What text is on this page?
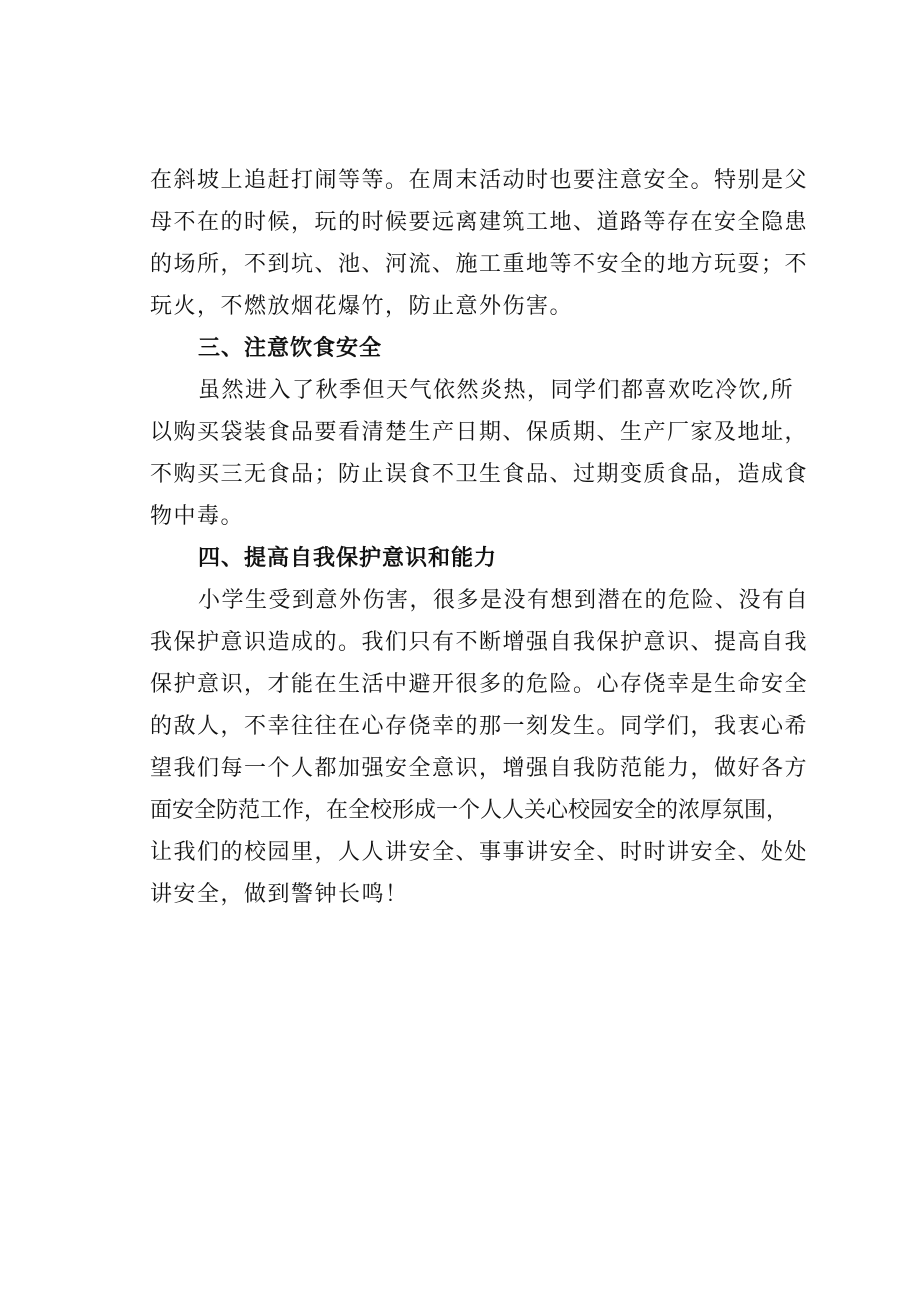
在斜坡上追赶打闹等等。在周末活动时也要注意安全。特别是父
母不在的时候，玩的时候要远离建筑工地、道路等存在安全隐患
的场所，不到坑、池、河流、施工重地等不安全的地方玩耍；不
玩火，不燃放烟花爆竹，防止意外伤害。
三、注意饮食安全
虽然进入了秋季但天气依然炎热，同学们都喜欢吃冷饮,所
以购买袋装食品要看清楚生产日期、保质期、生产厂家及地址，
不购买三无食品；防止误食不卫生食品、过期变质食品，造成食
物中毒。
四、提高自我保护意识和能力
小学生受到意外伤害，很多是没有想到潜在的危险、没有自
我保护意识造成的。我们只有不断增强自我保护意识、提高自我
保护意识，才能在生活中避开很多的危险。心存侥幸是生命安全
的敌人，不幸往往在心存侥幸的那一刻发生。同学们，我衷心希
望我们每一个人都加强安全意识，增强自我防范能力，做好各方
面安全防范工作，在全校形成一个人人关心校园安全的浓厚氛围，
让我们的校园里，人人讲安全、事事讲安全、时时讲安全、处处
讲安全，做到警钟长鸣！
